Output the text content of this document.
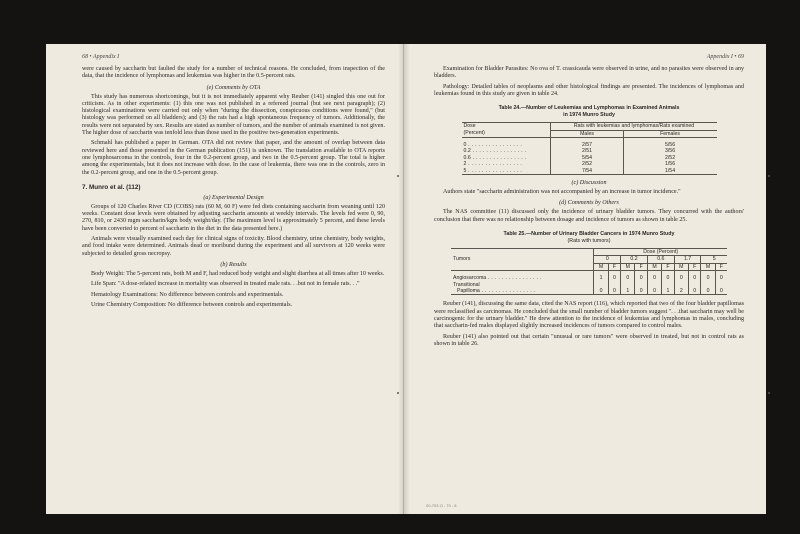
68 • Appendix I

were caused by saccharin but faulted the study for a number of technical reasons. He concluded, from inspection of the data, that the incidence of lymphomas and leukemias was higher in the 0.5-percent rats.

(e) Comments by OTA

This study has numerous shortcomings, but it is not immediately apparent why Reuber (141) singled this one out for criticism. As in other experiments: (1) this one was not published in a refereed journal (but see next paragraph); (2) histological examinations were carried out only when "during the dissection, conspicuous conditions were found," (but histology was performed on all bladders); and (3) the rats had a high spontaneous frequency of tumors. Additionally, the results were not separated by sex. Results are stated as number of tumors, and the number of animals examined is not given. The higher dose of saccharin was tenfold less than those used in the positive two-generation experiments.

Schmahl has published a paper in German. OTA did not review that paper, and the amount of overlap between data reviewed here and those presented in the German publication (151) is unknown. The translation available to OTA reports one lymphosarcoma in the controls, four in the 0.2-percent group, and two in the 0.5-percent group. The total is higher among the experimentals, but it does not increase with dose. In the case of leukemia, there was one in the controls, zero in the 0.2-percent group, and one in the 0.5-percent group.

7. Munro et al. (112)
(a) Experimental Design

Groups of 120 Charles River CD (COBS) rats (60 M, 60 F) were fed diets containing saccharin from weaning until 120 weeks. Constant dose levels were obtained by adjusting saccharin amounts at weekly intervals. The levels fed were 0, 90, 270, 810, or 2430 mgm saccharin/kgm body weight/day. (The maximum level is approximately 5 percent, and these levels have been converted to percent of saccharin in the diet in the data presented here.)

Animals were visually examined each day for clinical signs of toxicity. Blood chemistry, urine chemistry, body weights, and food intake were determined. Animals dead or moribund during the experiment and all survivors at 120 weeks were subjected to detailed gross necropsy.

(b) Results

Body Weight: The 5-percent rats, both M and F, had reduced body weight and slight diarrhea at all times after 10 weeks.

Life Span: "A dose-related increase in mortality was observed in treated male rats. . .but not in female rats. . ."

Hematology Examinations: No difference between controls and experimentals.

Urine Chemistry Composition: No difference between controls and experimentals.

Appendix I • 69

Examination for Bladder Parasites: No ova of T. crassicauda were observed in urine, and no parasites were observed in any bladders.

Pathology: Detailed tables of neoplasms and other histological findings are presented. The incidences of lymphomas and leukemias found in this study are given in table 24.

Table 24.—Number of Leukemias and Lymphomas in Examined Animals
in 1974 Munro Study
Dose	Rats with leukemias and lymphomas/Rats examined	
(Percent)	Males	Females

0 . . .	2/57	5/56
0.2 . . .	2/51	3/56
0.6 . . .	5/54	2/52
2 . . .	2/52	1/56
5 . . .	7/54	1/54
(c) Discussion

Authors state "saccharin administration was not accompanied by an increase in tumor incidence."

(d) Comments by Others

The NAS committee (11) discussed only the incidence of urinary bladder tumors. They concurred with the authors' conclusion that there was no relationship between dosage and incidence of tumors as shown in table 25.

Table 25.—Number of Urinary Bladder Cancers in 1974 Munro Study
(Rats with tumors)
Tumors	Dose (Percent)									
	0		0.2		0.6		1.7		5	
	M	F	M	F	M	F	M	F	M	F

Angiosarcoma . . .	1	0	0	0	0	0	0	0	0	0
Transitional										
Papilloma . . .	0	0	1	0	0	1	2	0	0	0

Reuber (141), discussing the same data, cited the NAS report (116), which reported that two of the four bladder papillomas were reclassified as carcinomas. He concluded that the small number of bladder tumors suggest ". . .that saccharin may well be carcinogenic for the urinary bladder." He drew attention to the incidence of leukemias and lymphomas in males, concluding that saccharin-fed males displayed slightly increased incidences of tumors compared to control males.

Reuber (141) also pointed out that certain "unusual or rare tumors" were observed in treated, but not in control rats as shown in table 26.

00-703 O - 79 - 8
